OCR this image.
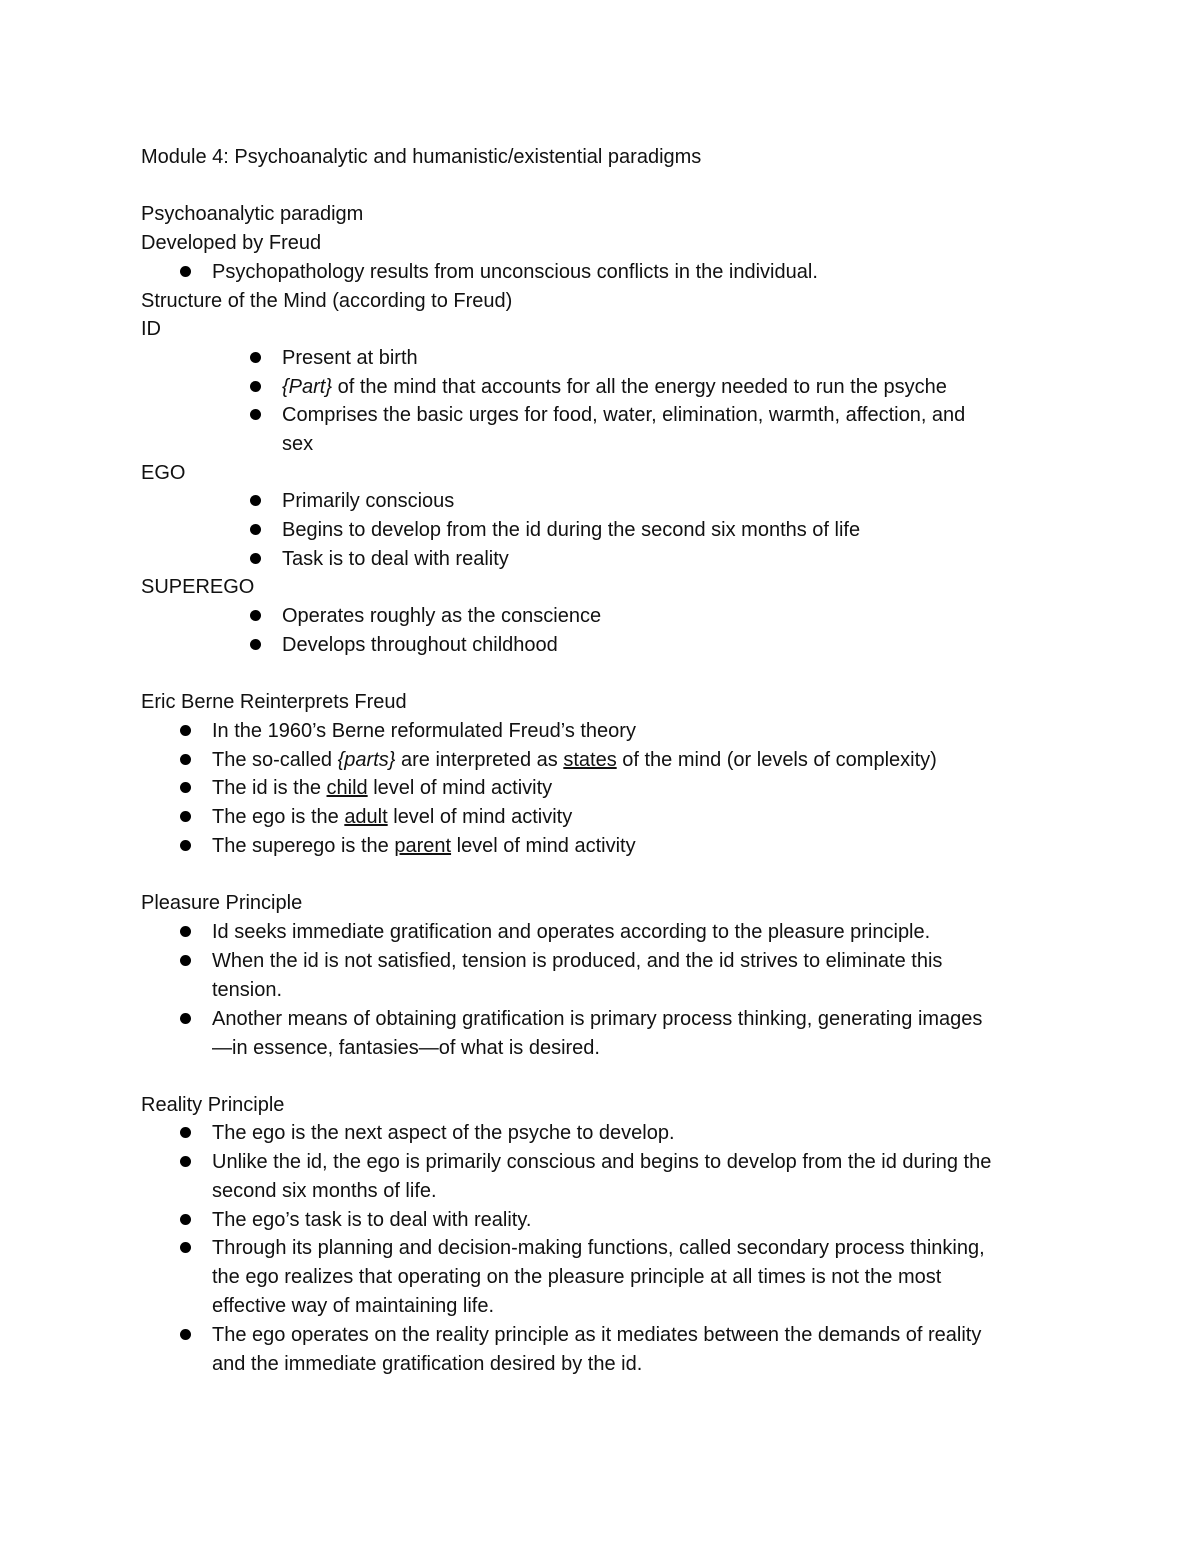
Module 4: Psychoanalytic and humanistic/existential paradigms
Psychoanalytic paradigm
Developed by Freud
Psychopathology results from unconscious conflicts in the individual.
Structure of the Mind (according to Freud)
ID
Present at birth
{Part} of the mind that accounts for all the energy needed to run the psyche
Comprises the basic urges for food, water, elimination, warmth, affection, and
sex
EGO
Primarily conscious
Begins to develop from the id during the second six months of life
Task is to deal with reality
SUPEREGO
Operates roughly as the conscience
Develops throughout childhood
Eric Berne Reinterprets Freud
In the 1960’s Berne reformulated Freud’s theory
The so-called {parts} are interpreted as states of the mind (or levels of complexity)
The id is the child level of mind activity
The ego is the adult level of mind activity
The superego is the parent level of mind activity
Pleasure Principle
Id seeks immediate gratification and operates according to the pleasure principle.
When the id is not satisfied, tension is produced, and the id strives to eliminate this
tension.
Another means of obtaining gratification is primary process thinking, generating images
—in essence, fantasies—of what is desired.
Reality Principle
The ego is the next aspect of the psyche to develop.
Unlike the id, the ego is primarily conscious and begins to develop from the id during the
second six months of life.
The ego’s task is to deal with reality.
Through its planning and decision-making functions, called secondary process thinking,
the ego realizes that operating on the pleasure principle at all times is not the most
effective way of maintaining life.
The ego operates on the reality principle as it mediates between the demands of reality
and the immediate gratification desired by the id.
